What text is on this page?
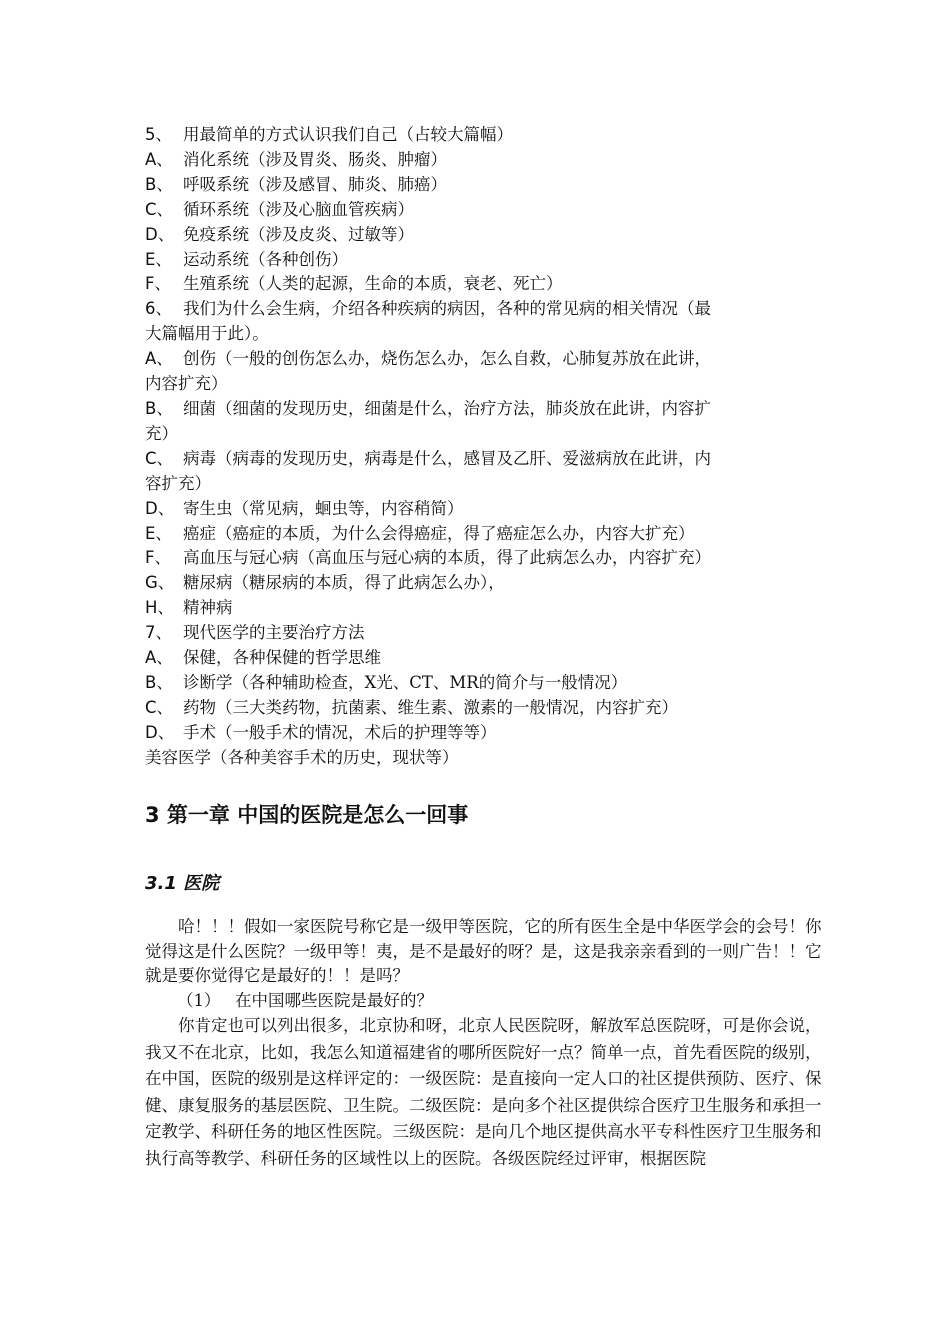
5、 用最简单的方式认识我们自己（占较大篇幅）
A、 消化系统（涉及胃炎、肠炎、肿瘤）
B、 呼吸系统（涉及感冒、肺炎、肺癌）
C、 循环系统（涉及心脑血管疾病）
D、 免疫系统（涉及皮炎、过敏等）
E、 运动系统（各种创伤）
F、 生殖系统（人类的起源，生命的本质，衰老、死亡）
6、 我们为什么会生病，介绍各种疾病的病因，各种的常见病的相关情况（最
大篇幅用于此）。
A、 创伤（一般的创伤怎么办，烧伤怎么办，怎么自救，心肺复苏放在此讲，
内容扩充）
B、 细菌（细菌的发现历史，细菌是什么，治疗方法，肺炎放在此讲，内容扩
充）
C、 病毒（病毒的发现历史，病毒是什么，感冒及乙肝、爱滋病放在此讲，内
容扩充）
D、 寄生虫（常见病，蛔虫等，内容稍简）
E、 癌症（癌症的本质，为什么会得癌症，得了癌症怎么办，内容大扩充）
F、 高血压与冠心病（高血压与冠心病的本质，得了此病怎么办，内容扩充）
G、 糖尿病（糖尿病的本质，得了此病怎么办），
H、 精神病
7、 现代医学的主要治疗方法
A、 保健，各种保健的哲学思维
B、 诊断学（各种辅助检查，X光、CT、MR的简介与一般情况）
C、 药物（三大类药物，抗菌素、维生素、激素的一般情况，内容扩充）
D、 手术（一般手术的情况，术后的护理等等）
美容医学（各种美容手术的历史，现状等）
3 第一章 中国的医院是怎么一回事
3.1 医院

哈！！！假如一家医院号称它是一级甲等医院，它的所有医生全是中华医学会的会号！你觉得这是什么医院？一级甲等！夷，是不是最好的呀？是，这是我亲亲看到的一则广告！！它就是要你觉得它是最好的！！是吗？

（1） 在中国哪些医院是最好的？

你肯定也可以列出很多，北京协和呀，北京人民医院呀，解放军总医院呀，可是你会说，我又不在北京，比如，我怎么知道福建省的哪所医院好一点？简单一点，首先看医院的级别，在中国，医院的级别是这样评定的：一级医院：是直接向一定人口的社区提供预防、医疗、保健、康复服务的基层医院、卫生院。二级医院：是向多个社区提供综合医疗卫生服务和承担一定教学、科研任务的地区性医院。三级医院：是向几个地区提供高水平专科性医疗卫生服务和执行高等教学、科研任务的区域性以上的医院。各级医院经过评审，根据医院
